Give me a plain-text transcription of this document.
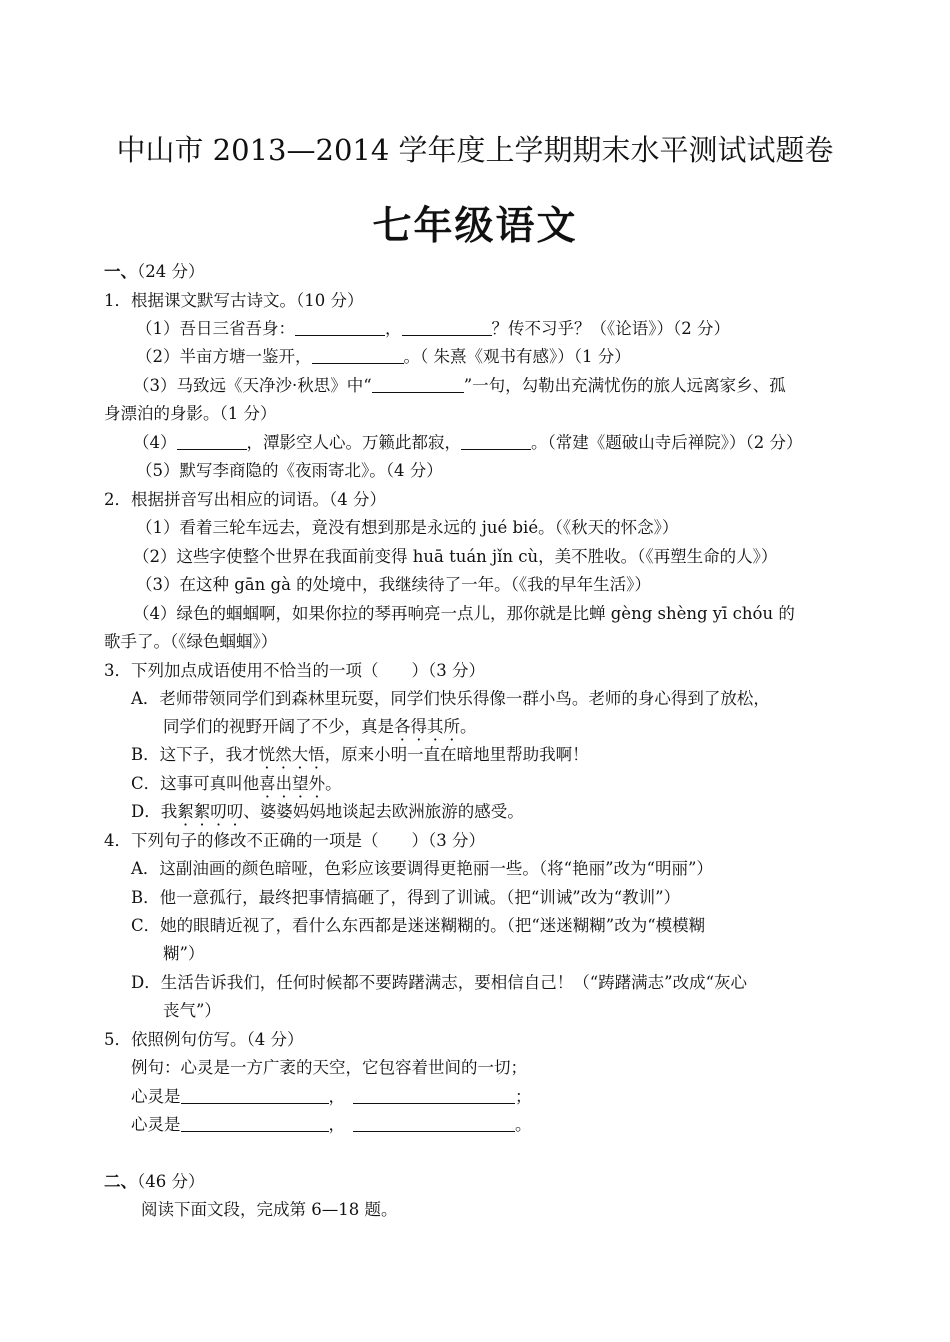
中山市 2013—2014 学年度上学期期末水平测试试题卷
七年级语文
一、（24 分）
1．根据课文默写古诗文。（10 分）
（1）吾日三省吾身：	，	？传不习乎？（《论语》）（2 分）
（2）半亩方塘一鉴开，	。（ 朱熹《观书有感》）（1 分）
（3）马致远《天净沙·秋思》中“	”一句，勾勒出充满忧伤的旅人远离家乡、孤
身漂泊的身影。（1 分）
（4）	，潭影空人心。万籁此都寂，	。（常建《题破山寺后禅院》）（2 分）
（5）默写李商隐的《夜雨寄北》。（4 分）
2．根据拼音写出相应的词语。（4 分）
（1）看着三轮车远去，竟没有想到那是永远的 jué bié。（《秋天的怀念》）
（2）这些字使整个世界在我面前变得 huā tuán jǐn cù，美不胜收。（《再塑生命的人》）
（3）在这种 gān gà 的处境中，我继续待了一年。（《我的早年生活》）
（4）绿色的蝈蝈啊，如果你拉的琴再响亮一点儿，那你就是比蝉 gèng shèng yī chóu 的
歌手了。（《绿色蝈蝈》）
3．下列加点成语使用不恰当的一项（　　）（3 分）
A．老师带领同学们到森林里玩耍，同学们快乐得像一群小鸟。老师的身心得到了放松，
同学们的视野开阔了不少，真是各得其所。
B．这下子，我才恍然大悟，原来小明一直在暗地里帮助我啊！
C．这事可真叫他喜出望外。
D．我絮絮叨叨、婆婆妈妈地谈起去欧洲旅游的感受。
4．下列句子的修改不正确的一项是（　　）（3 分）
A．这副油画的颜色暗哑，色彩应该要调得更艳丽一些。（将“艳丽”改为“明丽”）
B．他一意孤行，最终把事情搞砸了，得到了训诫。（把“训诫”改为“教训”）
C．她的眼睛近视了，看什么东西都是迷迷糊糊的。（把“迷迷糊糊”改为“模模糊
糊”）
D．生活告诉我们，任何时候都不要踌躇满志，要相信自己！（“踌躇满志”改成“灰心
丧气”）
5．依照例句仿写。（4 分）
例句：心灵是一方广袤的天空，它包容着世间的一切；
心灵是	，	；
心灵是	，	。
二、（46 分）
阅读下面文段，完成第 6—18 题。
